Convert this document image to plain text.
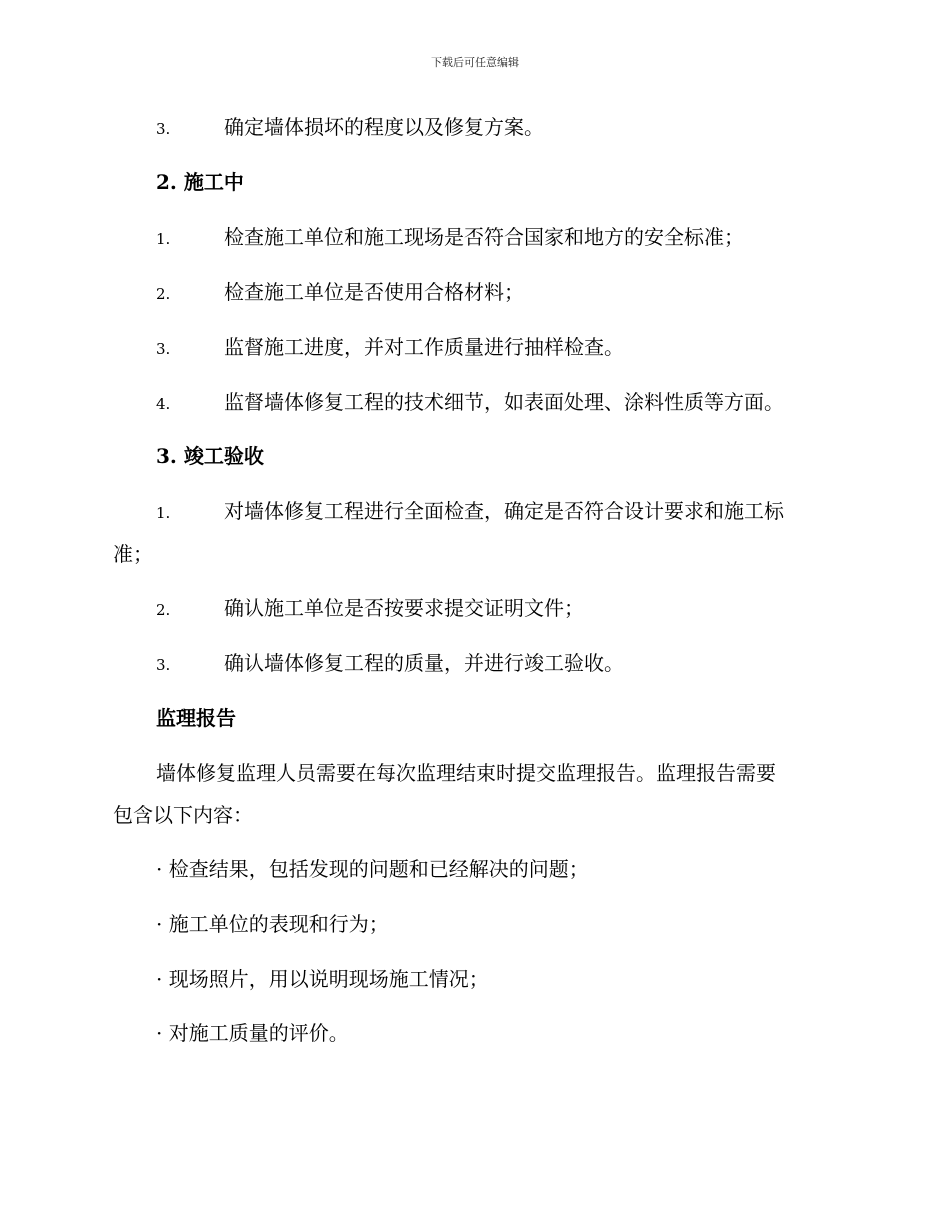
下载后可任意编辑
3.	确定墙体损坏的程度以及修复方案。
2. 施工中
1.	检查施工单位和施工现场是否符合国家和地方的安全标准；
2.	检查施工单位是否使用合格材料；
3.	监督施工进度，并对工作质量进行抽样检查。
4.	监督墙体修复工程的技术细节，如表面处理、涂料性质等方面。
3. 竣工验收
1.	对墙体修复工程进行全面检查，确定是否符合设计要求和施工标
准；
2.	确认施工单位是否按要求提交证明文件；
3.	确认墙体修复工程的质量，并进行竣工验收。
监理报告
墙体修复监理人员需要在每次监理结束时提交监理报告。监理报告需要
包含以下内容：
· 检查结果，包括发现的问题和已经解决的问题；
· 施工单位的表现和行为；
· 现场照片，用以说明现场施工情况；
· 对施工质量的评价。
